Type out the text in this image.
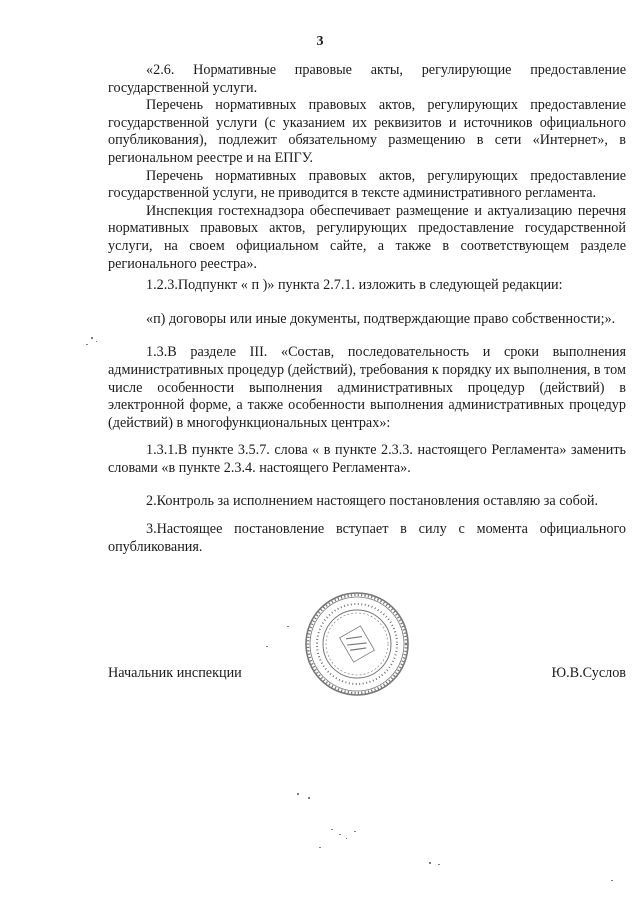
3

«2.6. Нормативные правовые акты, регулирующие предоставление государственной услуги.

Перечень нормативных правовых актов, регулирующих предоставление государственной услуги (с указанием их реквизитов и источников официального опубликования), подлежит обязательному размещению в сети «Интернет», в региональном реестре и на ЕПГУ.

Перечень нормативных правовых актов, регулирующих предоставление государственной услуги, не приводится в тексте административного регламента.

Инспекция гостехнадзора обеспечивает размещение и актуализацию перечня нормативных правовых актов, регулирующих предоставление государственной услуги, на своем официальном сайте, а также в соответствующем разделе регионального реестра».

1.2.3.Подпункт « п )» пункта 2.7.1. изложить в следующей редакции:

«п) договоры или иные документы, подтверждающие право собственности;».

1.3.В разделе III. «Состав, последовательность и сроки выполнения административных процедур (действий), требования к порядку их выполнения, в том числе особенности выполнения административных процедур (действий) в электронной форме, а также особенности выполнения административных процедур (действий) в многофункциональных центрах»:

1.3.1.В пункте 3.5.7. слова « в пункте 2.3.3. настоящего Регламента» заменить словами «в пункте 2.3.4. настоящего Регламента».

2.Контроль за исполнением настоящего постановления оставляю за собой.

3.Настоящее постановление вступает в силу с момента официального опубликования.

Начальник инспекции	Ю.В.Суслов
